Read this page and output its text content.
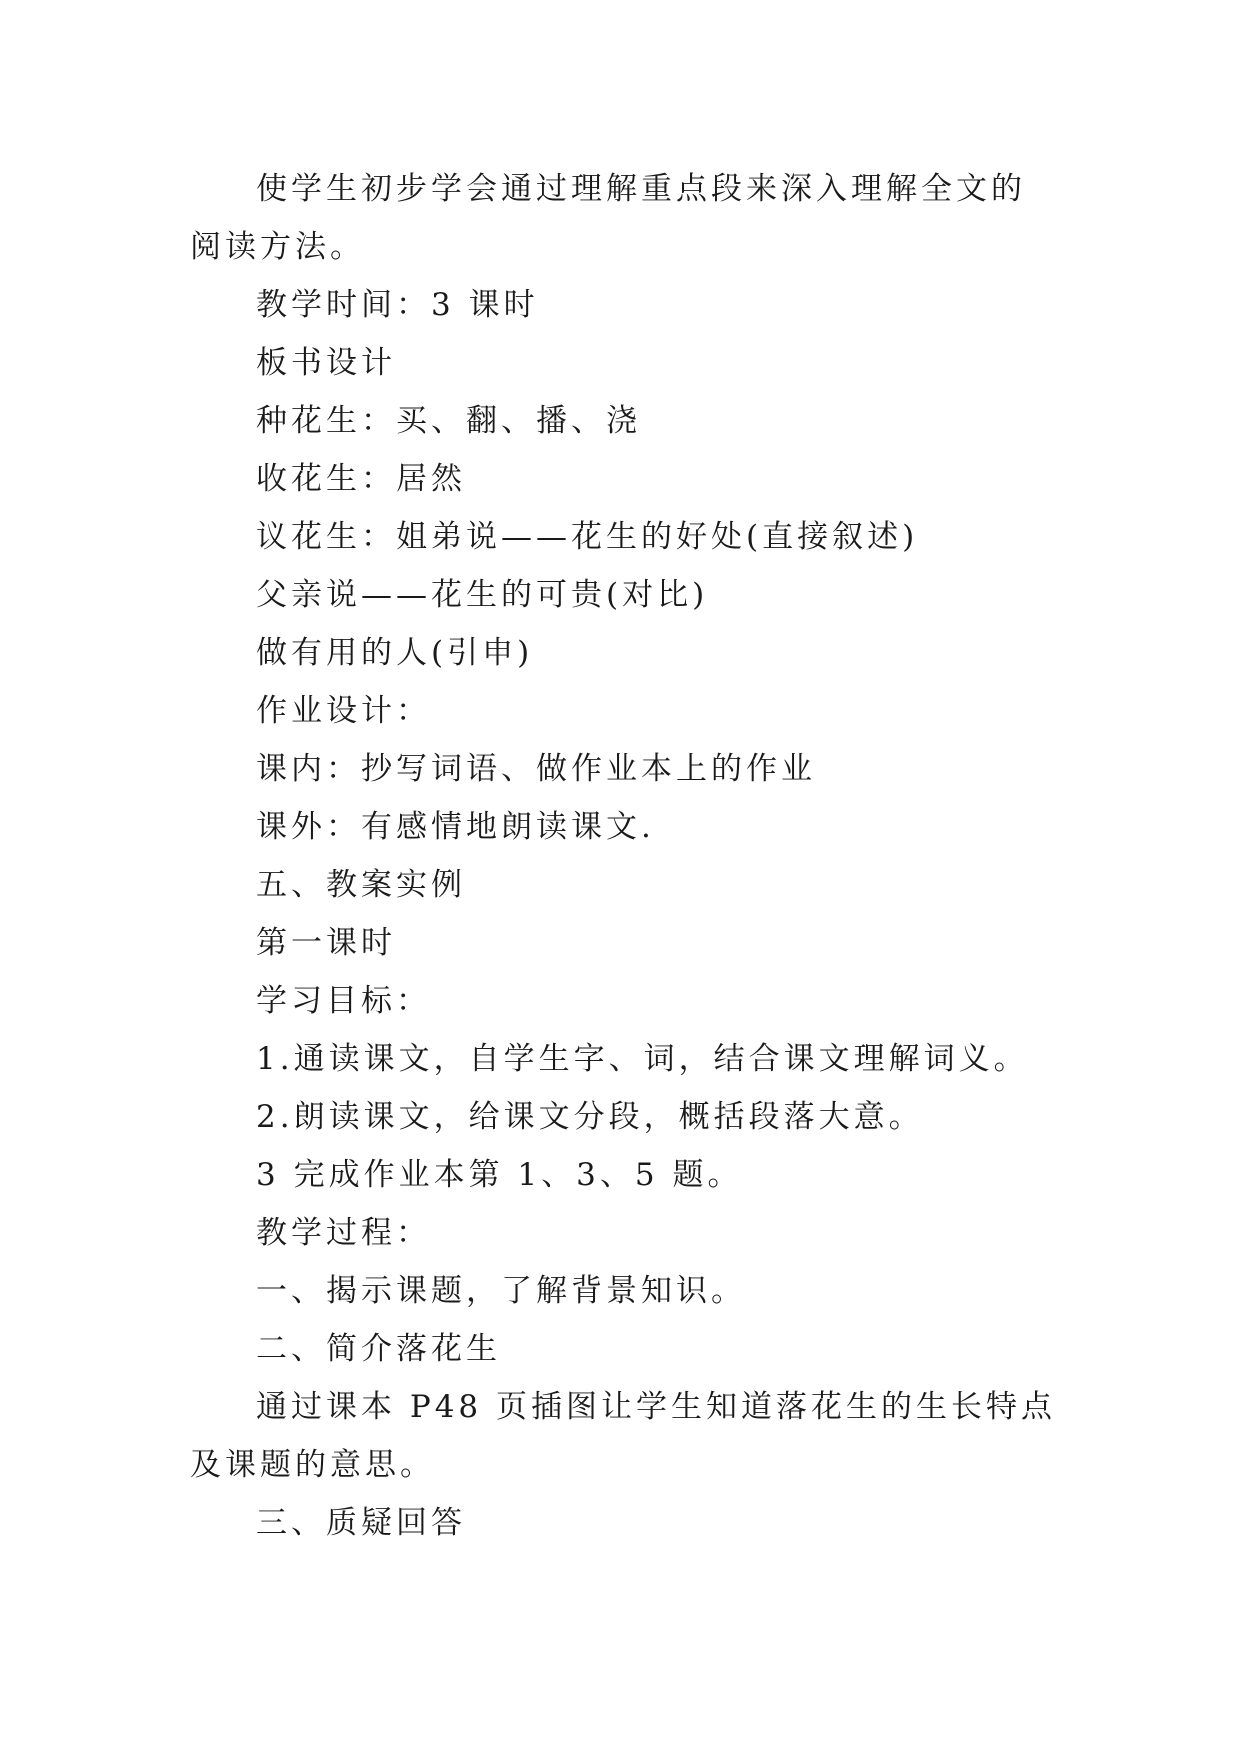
使学生初步学会通过理解重点段来深入理解全文的阅读方法。

教学时间：3 课时

板书设计

种花生：买、翻、播、浇

收花生：居然

议花生：姐弟说——花生的好处(直接叙述)

父亲说——花生的可贵(对比)

做有用的人(引申)

作业设计：

课内：抄写词语、做作业本上的作业

课外：有感情地朗读课文.

五、教案实例

第一课时

学习目标：

1.通读课文，自学生字、词，结合课文理解词义。

2.朗读课文，给课文分段，概括段落大意。

3 完成作业本第 1、3、5 题。

教学过程：

一、揭示课题，了解背景知识。

二、简介落花生

通过课本 P48 页插图让学生知道落花生的生长特点及课题的意思。

三、质疑回答
